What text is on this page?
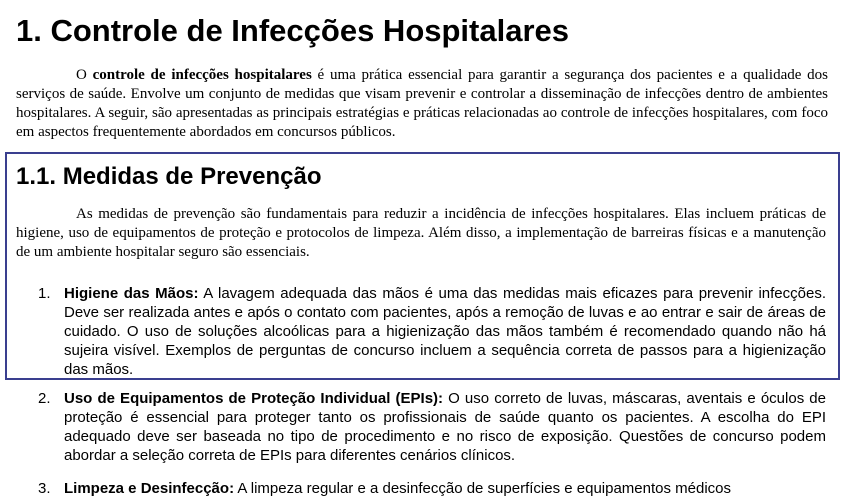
1. Controle de Infecções Hospitalares

O controle de infecções hospitalares é uma prática essencial para garantir a segurança dos pacientes e a qualidade dos serviços de saúde. Envolve um conjunto de medidas que visam prevenir e controlar a disseminação de infecções dentro de ambientes hospitalares. A seguir, são apresentadas as principais estratégias e práticas relacionadas ao controle de infecções hospitalares, com foco em aspectos frequentemente abordados em concursos públicos.

1.1. Medidas de Prevenção

As medidas de prevenção são fundamentais para reduzir a incidência de infecções hospitalares. Elas incluem práticas de higiene, uso de equipamentos de proteção e protocolos de limpeza. Além disso, a implementação de barreiras físicas e a manutenção de um ambiente hospitalar seguro são essenciais.

1. Higiene das Mãos: A lavagem adequada das mãos é uma das medidas mais eficazes para prevenir infecções. Deve ser realizada antes e após o contato com pacientes, após a remoção de luvas e ao entrar e sair de áreas de cuidado. O uso de soluções alcoólicas para a higienização das mãos também é recomendado quando não há sujeira visível. Exemplos de perguntas de concurso incluem a sequência correta de passos para a higienização das mãos.

2. Uso de Equipamentos de Proteção Individual (EPIs): O uso correto de luvas, máscaras, aventais e óculos de proteção é essencial para proteger tanto os profissionais de saúde quanto os pacientes. A escolha do EPI adequado deve ser baseada no tipo de procedimento e no risco de exposição. Questões de concurso podem abordar a seleção correta de EPIs para diferentes cenários clínicos.

3. Limpeza e Desinfecção: A limpeza regular e a desinfecção de superfícies e equipamentos médicos
